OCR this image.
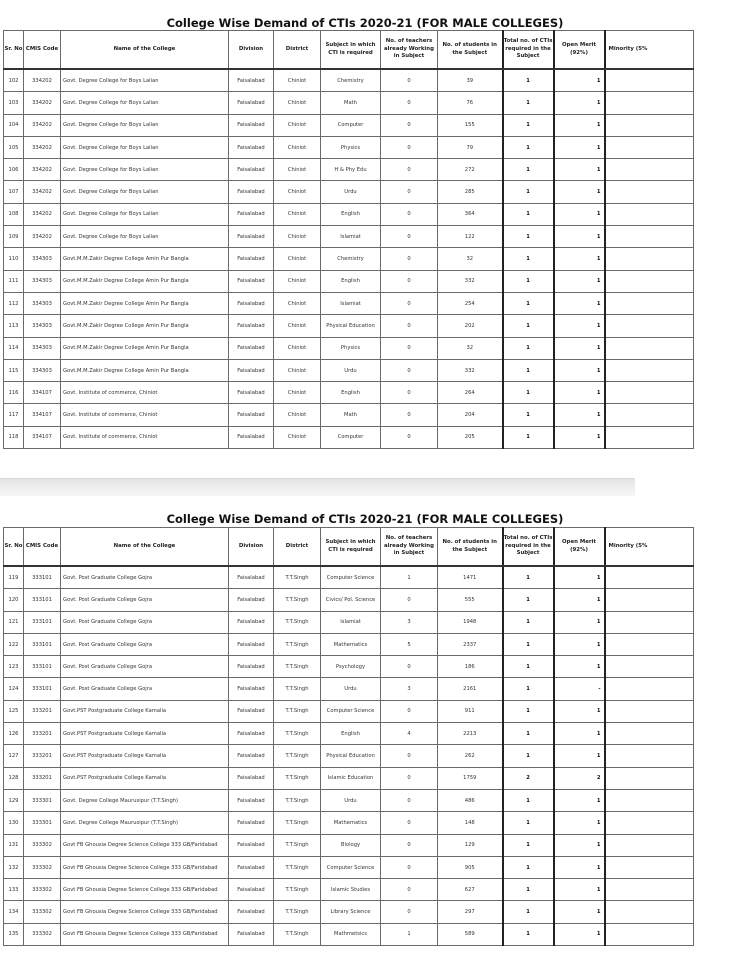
College Wise Demand of CTIs 2020-21 (FOR MALE COLLEGES)
Sr. No	CMIS Code	Name of the College	Division	District	Subject in which CTI is required	No. of teachers already Working in Subject	No. of students in the Subject	Total no. of CTIs required in the Subject	Open Merit (92%)	Minority (5%
102	334202	Govt. Degree College for Boys Lalian	Faisalabad	Chiniot	Chemistry	0	39	1	1	
103	334202	Govt. Degree College for Boys Lalian	Faisalabad	Chiniot	Math	0	76	1	1	
104	334202	Govt. Degree College for Boys Lalian	Faisalabad	Chiniot	Computer	0	155	1	1	
105	334202	Govt. Degree College for Boys Lalian	Faisalabad	Chiniot	Physics	0	79	1	1	
106	334202	Govt. Degree College for Boys Lalian	Faisalabad	Chiniot	H & Phy Edu	0	272	1	1	
107	334202	Govt. Degree College for Boys Lalian	Faisalabad	Chiniot	Urdu	0	285	1	1	
108	334202	Govt. Degree College for Boys Lalian	Faisalabad	Chiniot	English	0	364	1	1	
109	334202	Govt. Degree College for Boys Lalian	Faisalabad	Chiniot	Islamiat	0	122	1	1	
110	334303	Govt.M.M.Zakir Degree College Amin Pur Bangla	Faisalabad	Chiniot	Chemistry	0	32	1	1	
111	334303	Govt.M.M.Zakir Degree College Amin Pur Bangla	Faisalabad	Chiniot	English	0	332	1	1	
112	334303	Govt.M.M.Zakir Degree College Amin Pur Bangla	Faisalabad	Chiniot	Islamiat	0	254	1	1	
113	334303	Govt.M.M.Zakir Degree College Amin Pur Bangla	Faisalabad	Chiniot	Physical Education	0	202	1	1	
114	334303	Govt.M.M.Zakir Degree College Amin Pur Bangla	Faisalabad	Chiniot	Physics	0	32	1	1	
115	334303	Govt.M.M.Zakir Degree College Amin Pur Bangla	Faisalabad	Chiniot	Urdu	0	332	1	1	
116	334107	Govt. Institute of commerce, Chiniot	Faisalabad	Chiniot	English	0	264	1	1	
117	334107	Govt. Institute of commerce, Chiniot	Faisalabad	Chiniot	Math	0	204	1	1	
118	334107	Govt. Institute of commerce, Chiniot	Faisalabad	Chiniot	Computer	0	205	1	1	
College Wise Demand of CTIs 2020-21 (FOR MALE COLLEGES)
Sr. No	CMIS Code	Name of the College	Division	District	Subject in which CTI is required	No. of teachers already Working in Subject	No. of students in the Subject	Total no. of CTIs required in the Subject	Open Merit (92%)	Minority (5%
119	333101	Govt. Post Graduate College Gojra	Faisalabad	T.T.Singh	Computer Science	1	1471	1	1	
120	333101	Govt. Post Graduate College Gojra	Faisalabad	T.T.Singh	Civics/ Pol. Science	0	555	1	1	
121	333101	Govt. Post Graduate College Gojra	Faisalabad	T.T.Singh	Islamiat	3	1948	1	1	
122	333101	Govt. Post Graduate College Gojra	Faisalabad	T.T.Singh	Mathematics	5	2337	1	1	
123	333101	Govt. Post Graduate College Gojra	Faisalabad	T.T.Singh	Psychology	0	186	1	1	
124	333101	Govt. Post Graduate College Gojra	Faisalabad	T.T.Singh	Urdu	3	2161	1	-	
125	333201	Govt.PST Postgraduate College Kamalia	Faisalabad	T.T.Singh	Computer Science	0	911	1	1	
126	333201	Govt.PST Postgraduate College Kamalia	Faisalabad	T.T.Singh	English	4	2213	1	1	
127	333201	Govt.PST Postgraduate College Kamalia	Faisalabad	T.T.Singh	Physical Education	0	262	1	1	
128	333201	Govt.PST Postgraduate College Kamalia	Faisalabad	T.T.Singh	Islamic Education	0	1759	2	2	
129	333301	Govt. Degree College Maurusipur (T.T.Singh)	Faisalabad	T.T.Singh	Urdu	0	486	1	1	
130	333301	Govt. Degree College Maurusipur (T.T.Singh)	Faisalabad	T.T.Singh	Mathematics	0	148	1	1	
131	333302	Govt FB Ghousia Degree Science College 333 GB/Faridabad	Faisalabad	T.T.Singh	Biology	0	129	1	1	
132	333302	Govt FB Ghousia Degree Science College 333 GB/Faridabad	Faisalabad	T.T.Singh	Computer Science	0	905	1	1	
133	333302	Govt FB Ghousia Degree Science College 333 GB/Faridabad	Faisalabad	T.T.Singh	Islamic Studies	0	627	1	1	
134	333302	Govt FB Ghousia Degree Science College 333 GB/Faridabad	Faisalabad	T.T.Singh	Library Science	0	297	1	1	
135	333302	Govt FB Ghousia Degree Science College 333 GB/Faridabad	Faisalabad	T.T.Singh	Mathmetsics	1	589	1	1	
